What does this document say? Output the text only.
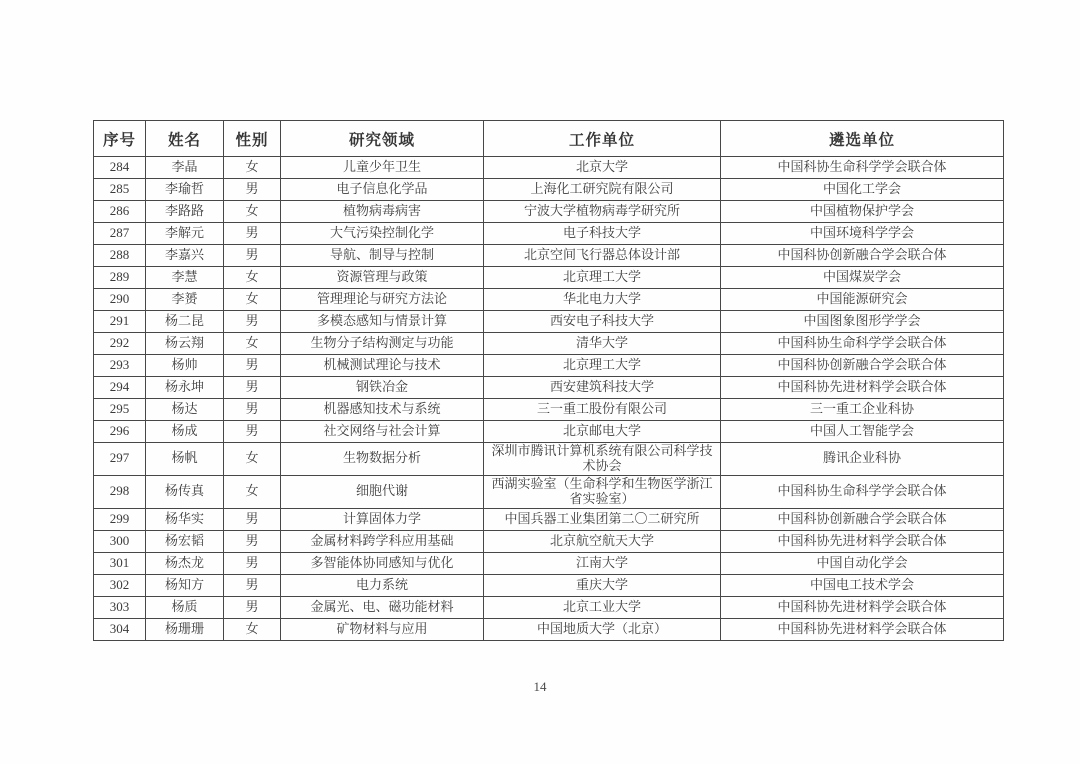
序号	姓名	性别	研究领域	工作单位	遴选单位
284	李晶	女	儿童少年卫生	北京大学	中国科协生命科学学会联合体
285	李瑜哲	男	电子信息化学品	上海化工研究院有限公司	中国化工学会
286	李路路	女	植物病毒病害	宁波大学植物病毒学研究所	中国植物保护学会
287	李解元	男	大气污染控制化学	电子科技大学	中国环境科学学会
288	李嘉兴	男	导航、制导与控制	北京空间飞行器总体设计部	中国科协创新融合学会联合体
289	李慧	女	资源管理与政策	北京理工大学	中国煤炭学会
290	李赟	女	管理理论与研究方法论	华北电力大学	中国能源研究会
291	杨二昆	男	多模态感知与情景计算	西安电子科技大学	中国图象图形学学会
292	杨云翔	女	生物分子结构测定与功能	清华大学	中国科协生命科学学会联合体
293	杨帅	男	机械测试理论与技术	北京理工大学	中国科协创新融合学会联合体
294	杨永坤	男	钢铁冶金	西安建筑科技大学	中国科协先进材料学会联合体
295	杨达	男	机器感知技术与系统	三一重工股份有限公司	三一重工企业科协
296	杨成	男	社交网络与社会计算	北京邮电大学	中国人工智能学会
297	杨帆	女	生物数据分析	深圳市腾讯计算机系统有限公司科学技术协会	腾讯企业科协
298	杨传真	女	细胞代谢	西湖实验室（生命科学和生物医学浙江省实验室）	中国科协生命科学学会联合体
299	杨华实	男	计算固体力学	中国兵器工业集团第二〇二研究所	中国科协创新融合学会联合体
300	杨宏韬	男	金属材料跨学科应用基础	北京航空航天大学	中国科协先进材料学会联合体
301	杨杰龙	男	多智能体协同感知与优化	江南大学	中国自动化学会
302	杨知方	男	电力系统	重庆大学	中国电工技术学会
303	杨质	男	金属光、电、磁功能材料	北京工业大学	中国科协先进材料学会联合体
304	杨珊珊	女	矿物材料与应用	中国地质大学（北京）	中国科协先进材料学会联合体
14
